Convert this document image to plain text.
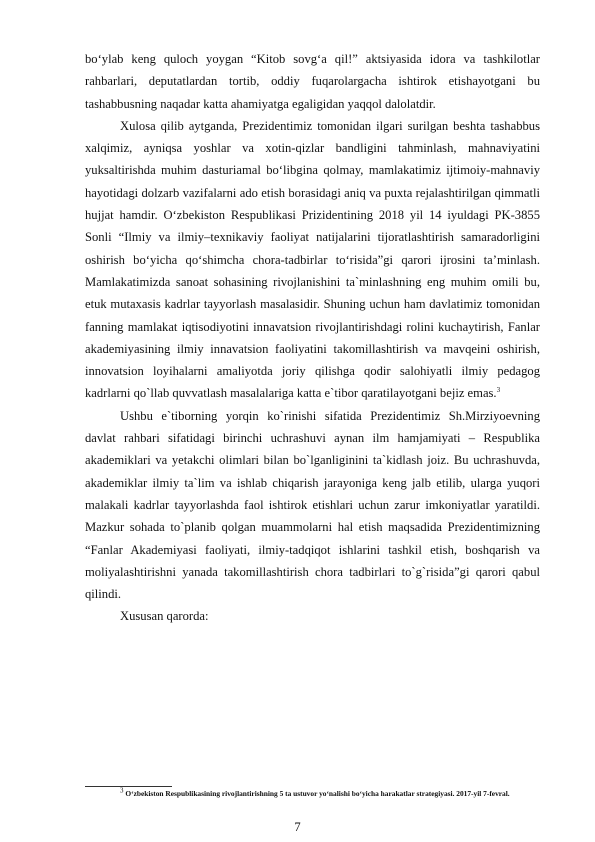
bo‘ylab keng quloch yoygan “Kitob sovg‘a qil!” aktsiyasida idora va tashkilotlar rahbarlari, deputatlardan tortib, oddiy fuqarolargacha ishtirok etishayotgani bu tashabbusning naqadar katta ahamiyatga egaligidan yaqqol dalolatdir.

Xulosa qilib aytganda, Prezidentimiz tomonidan ilgari surilgan beshta tashabbus xalqimiz, ayniqsa yoshlar va xotin-qizlar bandligini tahminlash, mahnaviyatini yuksaltirishda muhim dasturiamal bo‘libgina qolmay, mamlakatimiz ijtimoiy-mahnaviy hayotidagi dolzarb vazifalarni ado etish borasidagi aniq va puxta rejalashtirilgan qimmatli hujjat hamdir. O‘zbekiston Respublikasi Prizidentining 2018 yil 14 iyuldagi PK-3855 Sonli “Ilmiy va ilmiy–texnikaviy faoliyat natijalarini tijoratlashtirish samaradorligini oshirish bo‘yicha qo‘shimcha chora-tadbirlar to‘risida”gi qarori ijrosini ta’minlash. Mamlakatimizda sanoat sohasining rivojlanishini ta`minlashning eng muhim omili bu, etuk mutaxasis kadrlar tayyorlash masalasidir. Shuning uchun ham davlatimiz tomonidan fanning mamlakat iqtisodiyotini innavatsion rivojlantirishdagi rolini kuchaytirish, Fanlar akademiyasining ilmiy innavatsion faoliyatini takomillashtirish va mavqeini oshirish, innovatsion loyihalarni amaliyotda joriy qilishga qodir salohiyatli ilmiy pedagog kadrlarni qo`llab quvvatlash masalalariga katta e`tibor qaratilayotgani bejiz emas.$^3$

Ushbu e`tiborning yorqin ko`rinishi sifatida Prezidentimiz Sh.Mirziyoevning davlat rahbari sifatidagi birinchi uchrashuvi aynan ilm hamjamiyati – Respublika akademiklari va yetakchi olimlari bilan bo`lganliginini ta`kidlash joiz. Bu uchrashuvda, akademiklar ilmiy ta`lim va ishlab chiqarish jarayoniga keng jalb etilib, ularga yuqori malakali kadrlar tayyorlashda faol ishtirok etishlari uchun zarur imkoniyatlar yaratildi. Mazkur sohada to`planib qolgan muammolarni hal etish maqsadida Prezidentimizning “Fanlar Akademiyasi faoliyati, ilmiy-tadqiqot ishlarini tashkil etish, boshqarish va moliyalashtirishni yanada takomillashtirish chora tadbirlari to`g`risida”gi qarori qabul qilindi.

Xususan qarorda:

$^3$ O‘zbekiston Respublikasining rivojlantirishning 5 ta ustuvor yo‘nalishi bo‘yicha harakatlar strategiyasi. 2017-yil 7-fevral.

7
